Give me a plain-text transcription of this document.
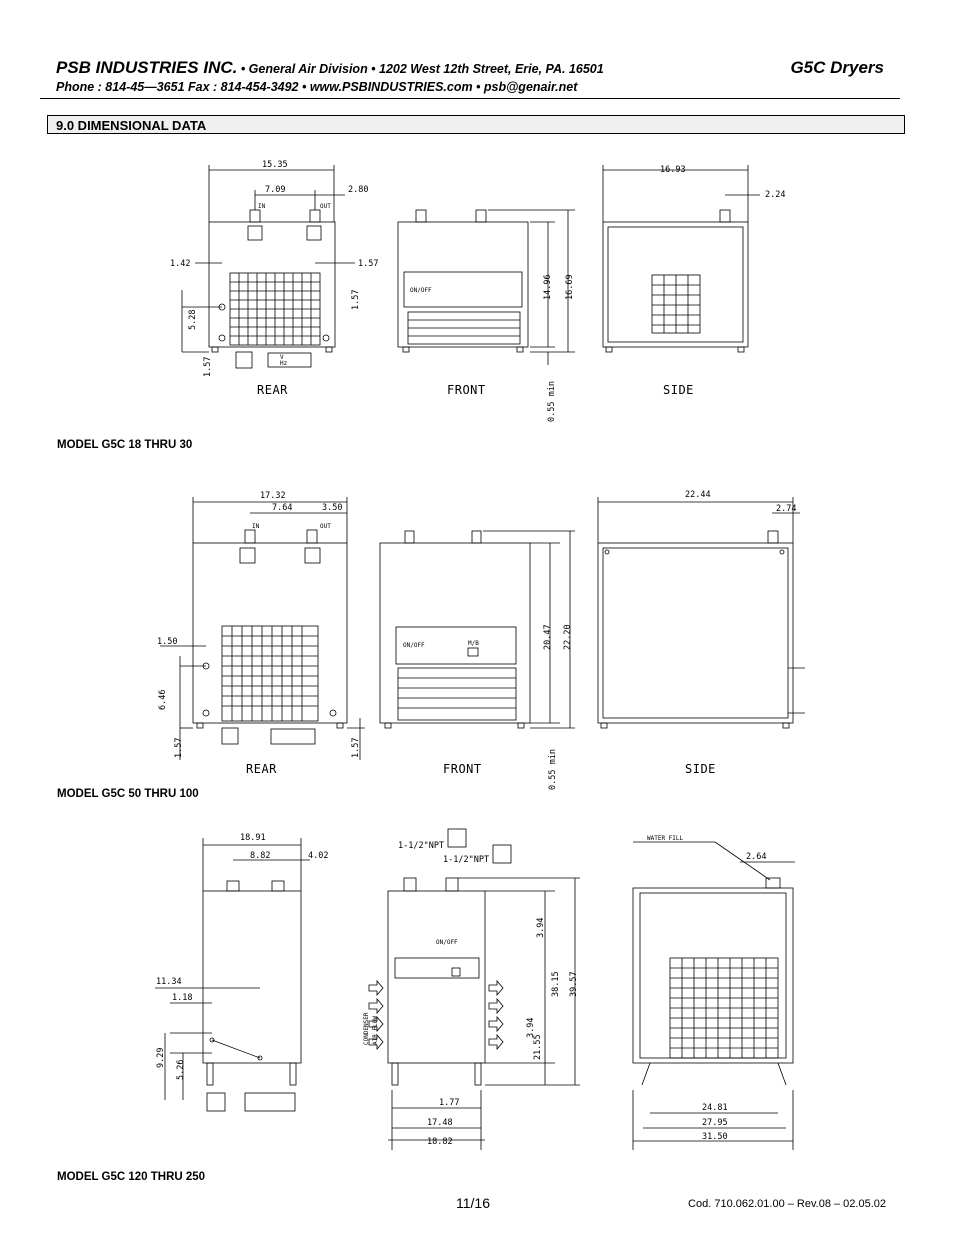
PSB INDUSTRIES INC. • General Air Division • 1202 West 12th Street, Erie, PA. 16501	G5C Dryers
Phone : 814-45—3651 Fax : 814-454-3492 • www.PSBINDUSTRIES.com • psb@genair.net
9.0 DIMENSIONAL DATA
MODEL G5C 18 THRU 30
MODEL G5C 50 THRU 100
MODEL G5C 120 THRU 250
11/16	Cod. 710.062.01.00 – Rev.08 – 02.05.02
15.35
7.09	2.80
IN	OUT
1.42	1.57
5.28
1.57
1.57
ON/OFF
V
Hz
14.96 16.69
0.55 min
16.93
2.24
REAR	FRONT	SIDE
17.32
7.64	3.50
IN	OUT
1.50
6.46
1.57	1.57
ON/OFF	M/B	20.47 22.20
0.55 min
22.44
2.74
REAR	FRONT	SIDE
18.91
8.82	4.02
11.34
1.18
9.29
5.26
1-1/2"NPT
1-1/2"NPT
ON/OFF
CONDENSER AIR FLOW
3.94
38.15 39.57
3.94
21.55
1.77
17.48
18.82
WATER FILL
2.64
24.81
27.95
31.50
